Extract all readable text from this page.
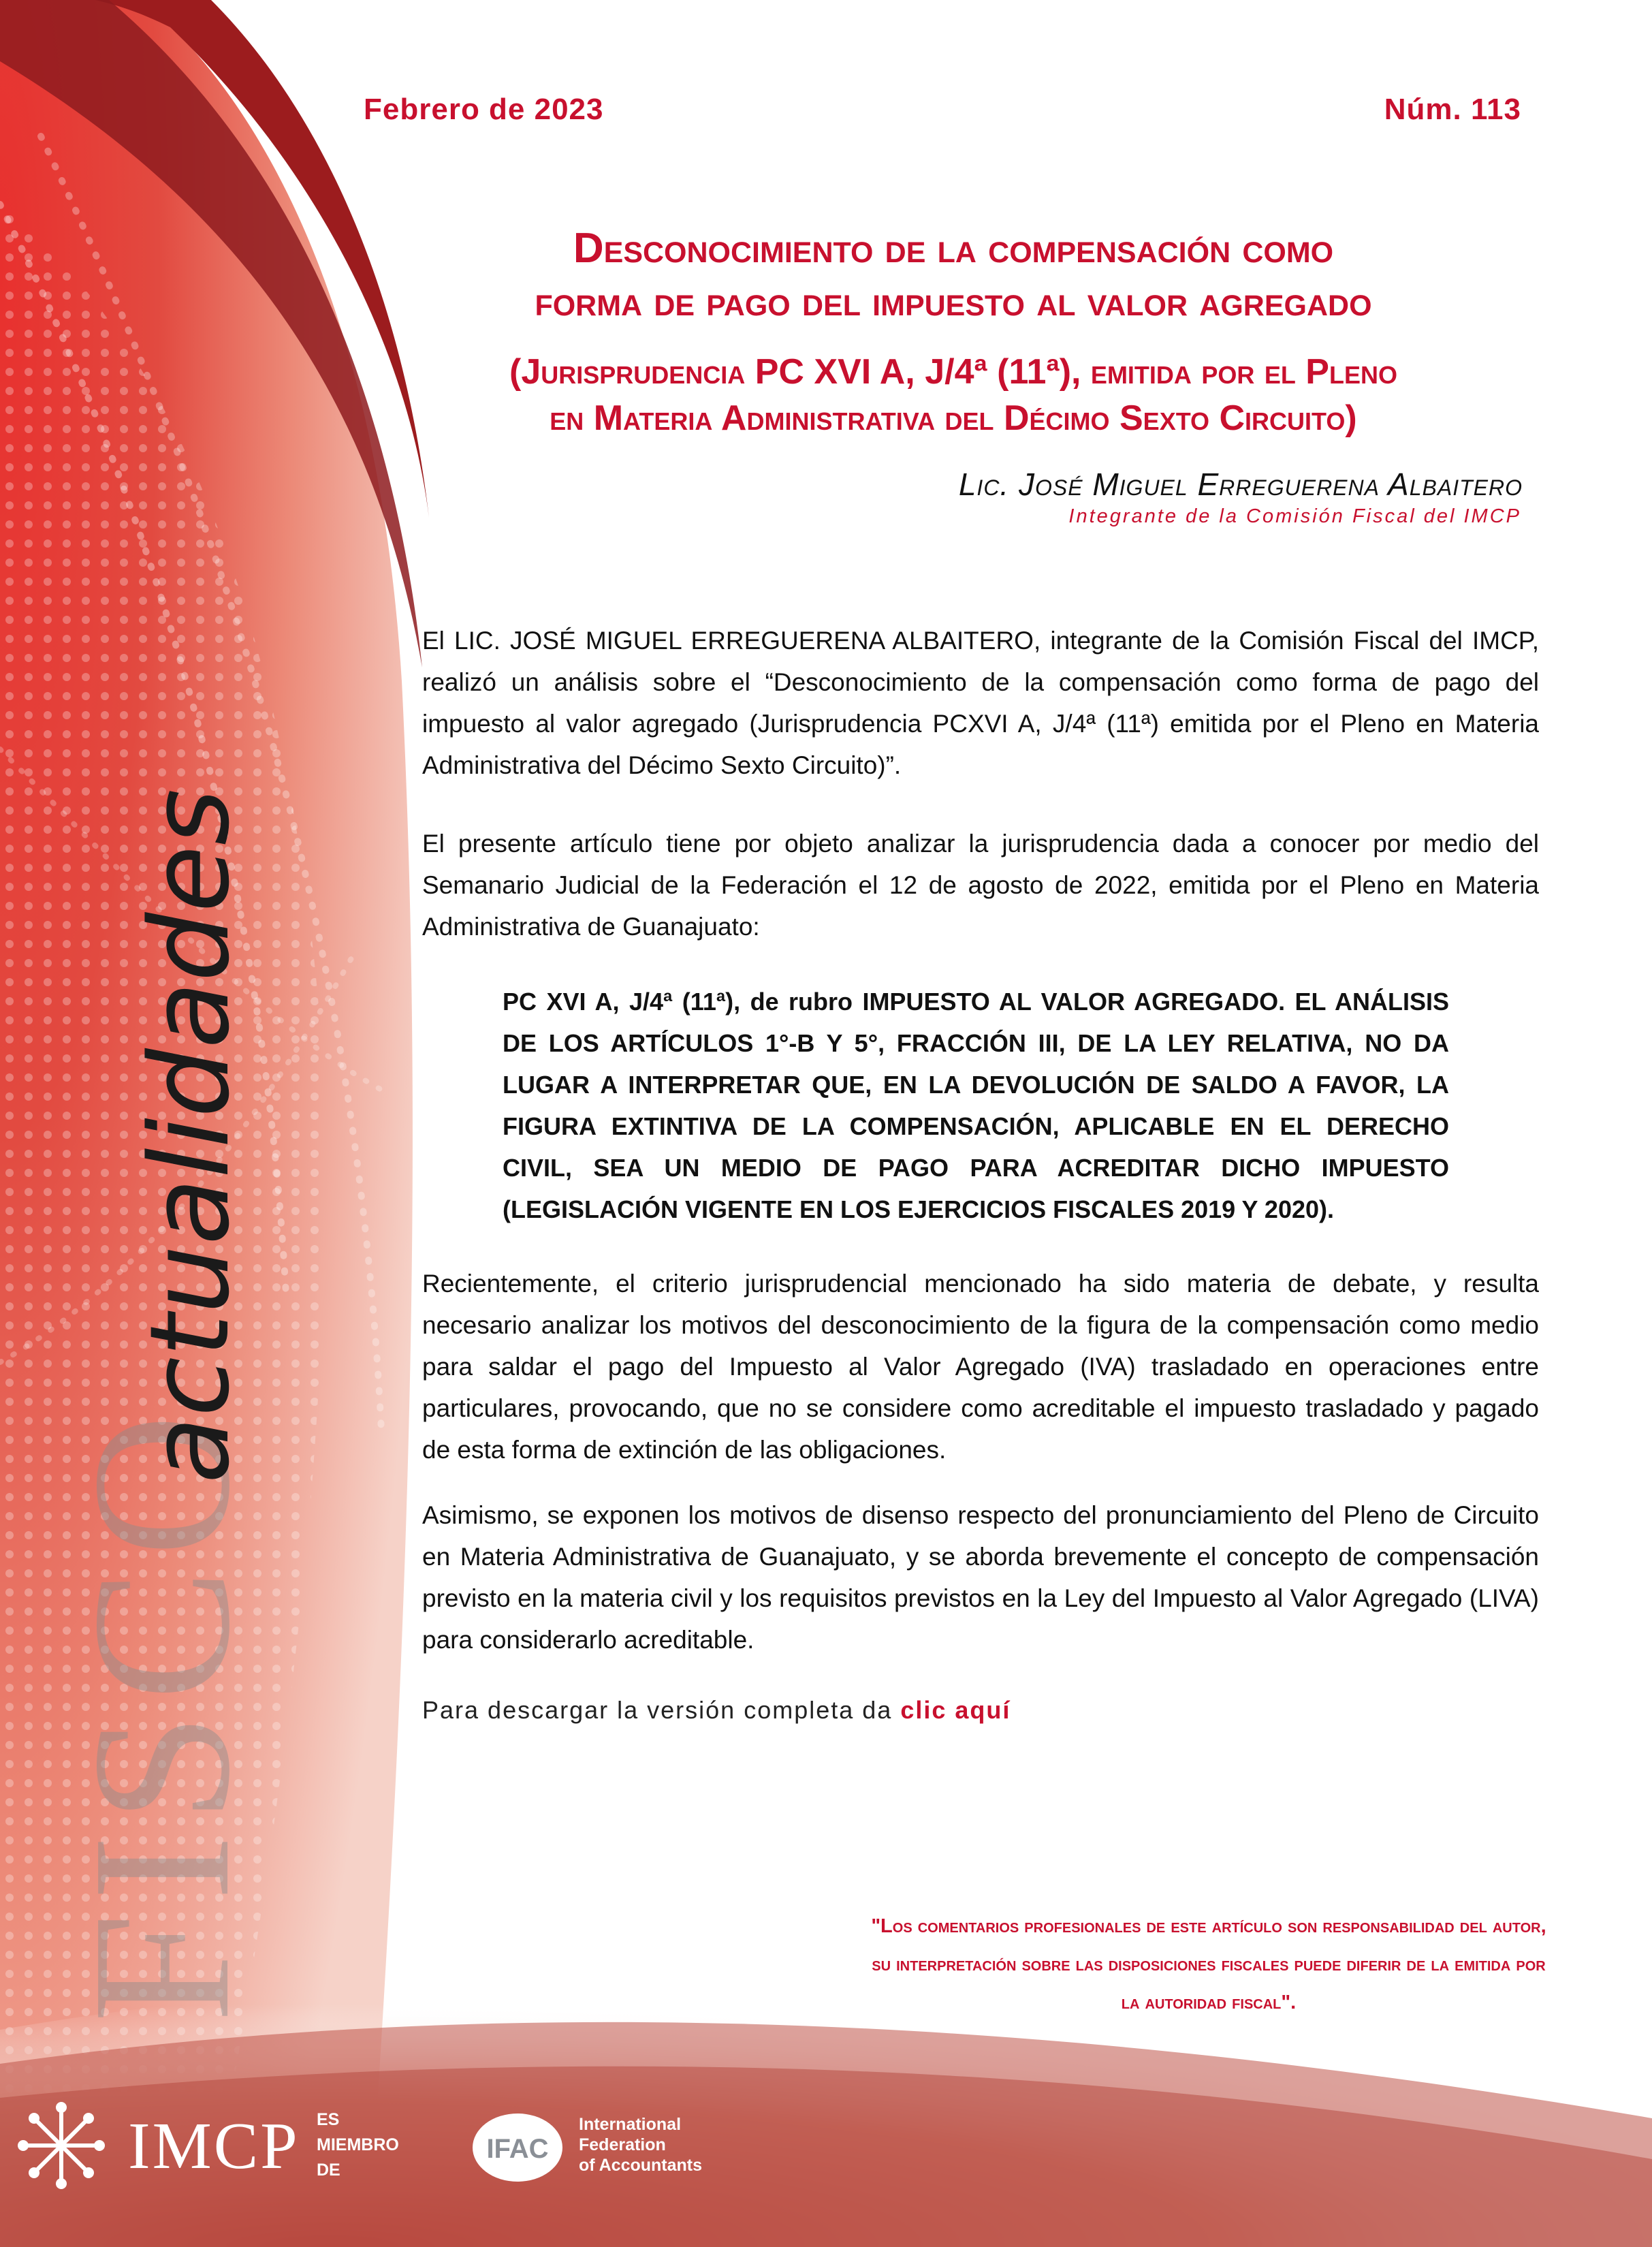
Febrero de 2023	Núm. 113
Desconocimiento de la compensación como
forma de pago del impuesto al valor agregado
(Jurisprudencia PC XVI A, J/4ª (11ª), emitida por el Pleno
en Materia Administrativa del Décimo Sexto Circuito)
Lic. José Miguel Erreguerena Albaitero
Integrante de la Comisión Fiscal del IMCP
El LIC. JOSÉ MIGUEL ERREGUERENA ALBAITERO, integrante de la Comisión Fiscal del IMCP, realizó un análisis sobre el “Desconocimiento de la compensación como forma de pago del impuesto al valor agregado (Jurisprudencia PCXVI A, J/4ª (11ª) emitida por el Pleno en Materia Administrativa del Décimo Sexto Circuito)”.
El presente artículo tiene por objeto analizar la jurisprudencia dada a conocer por medio del Semanario Judicial de la Federación el 12 de agosto de 2022, emitida por el Pleno en Materia Administrativa de Guanajuato:
PC XVI A, J/4ª (11ª), de rubro IMPUESTO AL VALOR AGREGADO. EL ANÁLISIS DE LOS ARTÍCULOS 1°-B Y 5°, FRACCIÓN III, DE LA LEY RELATIVA, NO DA LUGAR A INTERPRETAR QUE, EN LA DEVOLUCIÓN DE SALDO A FAVOR, LA FIGURA EXTINTIVA DE LA COMPENSACIÓN, APLICABLE EN EL DERECHO CIVIL, SEA UN MEDIO DE PAGO PARA ACREDITAR DICHO IMPUESTO (LEGISLACIÓN VIGENTE EN LOS EJERCICIOS FISCALES 2019 Y 2020).
Recientemente, el criterio jurisprudencial mencionado ha sido materia de debate, y resulta necesario analizar los motivos del desconocimiento de la figura de la compensación como medio para saldar el pago del Impuesto al Valor Agregado (IVA) trasladado en operaciones entre particulares, provocando, que no se considere como acreditable el impuesto trasladado y pagado de esta forma de extinción de las obligaciones.
Asimismo, se exponen los motivos de disenso respecto del pronunciamiento del Pleno de Circuito en Materia Administrativa de Guanajuato, y se aborda brevemente el concepto de compensación previsto en la materia civil y los requisitos previstos en la Ley del Impuesto al Valor Agregado (LIVA) para considerarlo acreditable.
Para descargar la versión completa da clic aquí
"Los comentarios profesionales de este artículo son responsabilidad del autor, su interpretación sobre las disposiciones fiscales puede diferir de la emitida por la autoridad fiscal".
FISCOactualidades
IMCP ES
MIEMBRO
DE
IFAC
International
Federation
of Accountants
